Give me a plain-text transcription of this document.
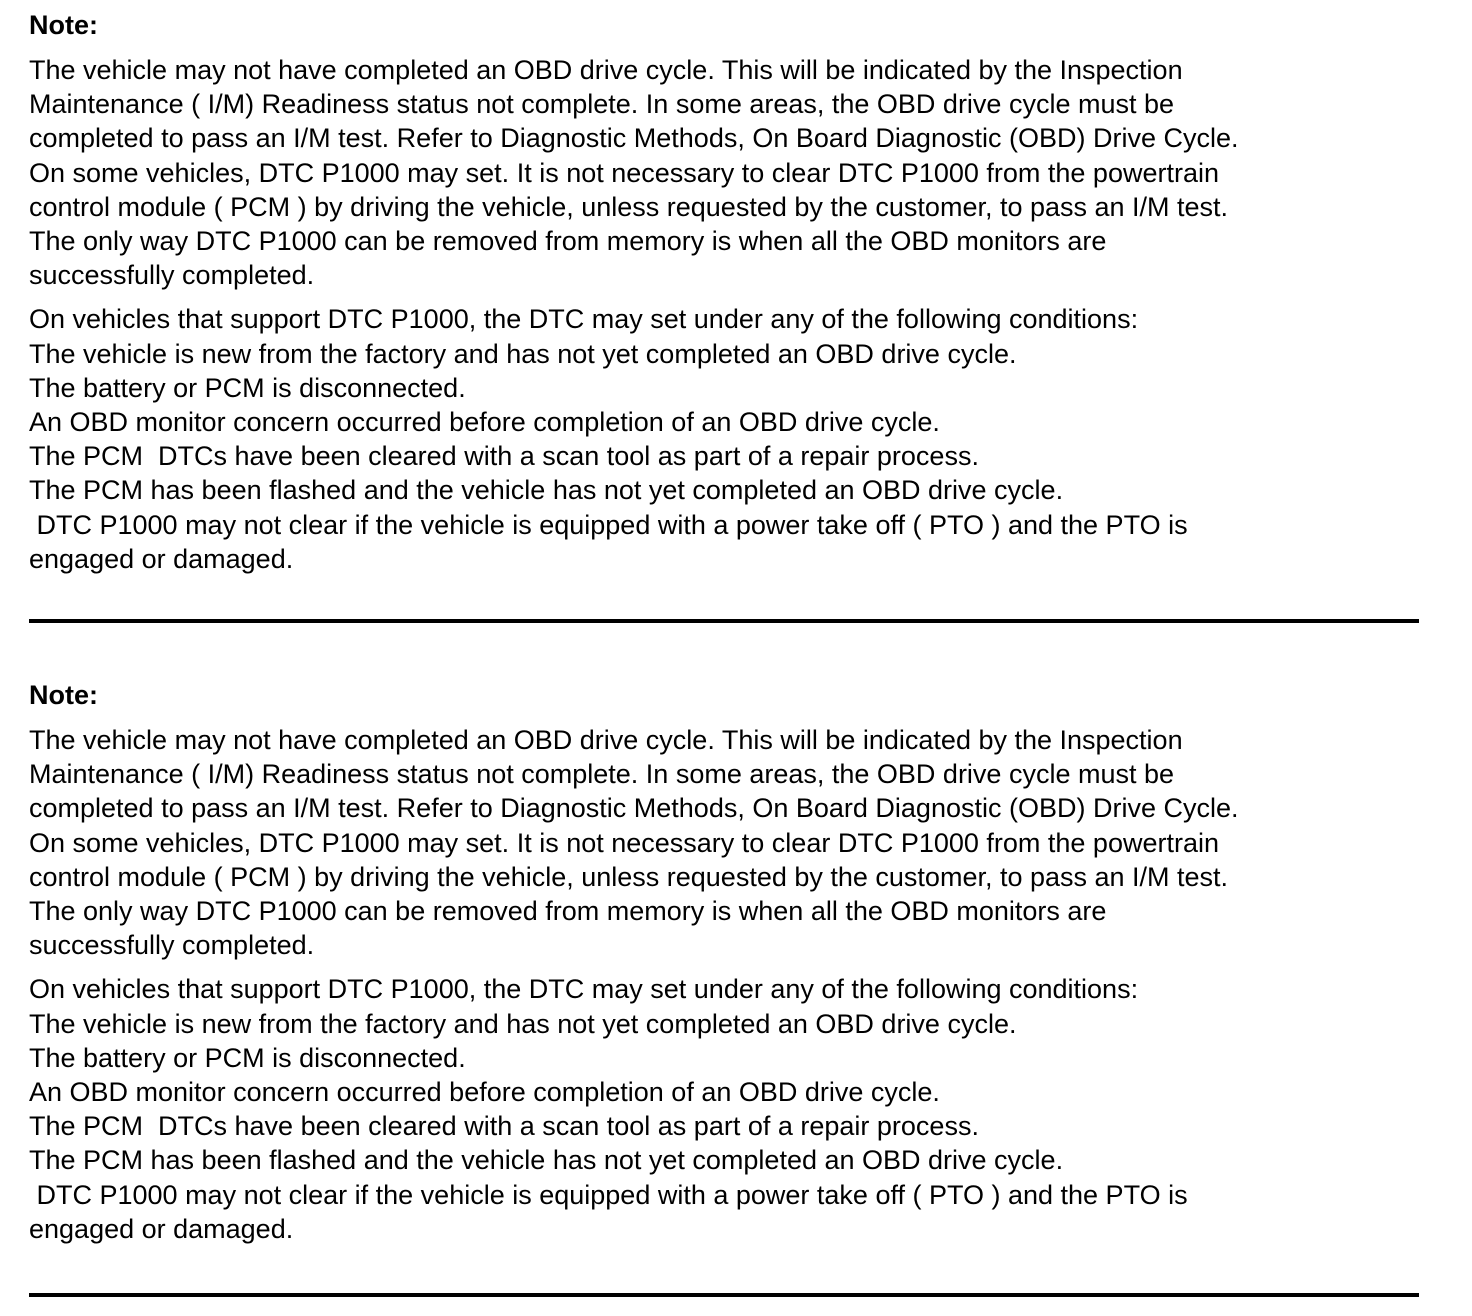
Note:

The vehicle may not have completed an OBD drive cycle. This will be indicated by the Inspection
Maintenance ( I/M) Readiness status not complete. In some areas, the OBD drive cycle must be
completed to pass an I/M test. Refer to Diagnostic Methods, On Board Diagnostic (OBD) Drive Cycle.
On some vehicles, DTC P1000 may set. It is not necessary to clear DTC P1000 from the powertrain
control module ( PCM ) by driving the vehicle, unless requested by the customer, to pass an I/M test.
The only way DTC P1000 can be removed from memory is when all the OBD monitors are
successfully completed.

On vehicles that support DTC P1000, the DTC may set under any of the following conditions:
The vehicle is new from the factory and has not yet completed an OBD drive cycle.
The battery or PCM is disconnected.
An OBD monitor concern occurred before completion of an OBD drive cycle.
The PCM  DTCs have been cleared with a scan tool as part of a repair process.
The PCM has been flashed and the vehicle has not yet completed an OBD drive cycle.
DTC P1000 may not clear if the vehicle is equipped with a power take off ( PTO ) and the PTO is
engaged or damaged.

Note:

The vehicle may not have completed an OBD drive cycle. This will be indicated by the Inspection
Maintenance ( I/M) Readiness status not complete. In some areas, the OBD drive cycle must be
completed to pass an I/M test. Refer to Diagnostic Methods, On Board Diagnostic (OBD) Drive Cycle.
On some vehicles, DTC P1000 may set. It is not necessary to clear DTC P1000 from the powertrain
control module ( PCM ) by driving the vehicle, unless requested by the customer, to pass an I/M test.
The only way DTC P1000 can be removed from memory is when all the OBD monitors are
successfully completed.

On vehicles that support DTC P1000, the DTC may set under any of the following conditions:
The vehicle is new from the factory and has not yet completed an OBD drive cycle.
The battery or PCM is disconnected.
An OBD monitor concern occurred before completion of an OBD drive cycle.
The PCM  DTCs have been cleared with a scan tool as part of a repair process.
The PCM has been flashed and the vehicle has not yet completed an OBD drive cycle.
DTC P1000 may not clear if the vehicle is equipped with a power take off ( PTO ) and the PTO is
engaged or damaged.
